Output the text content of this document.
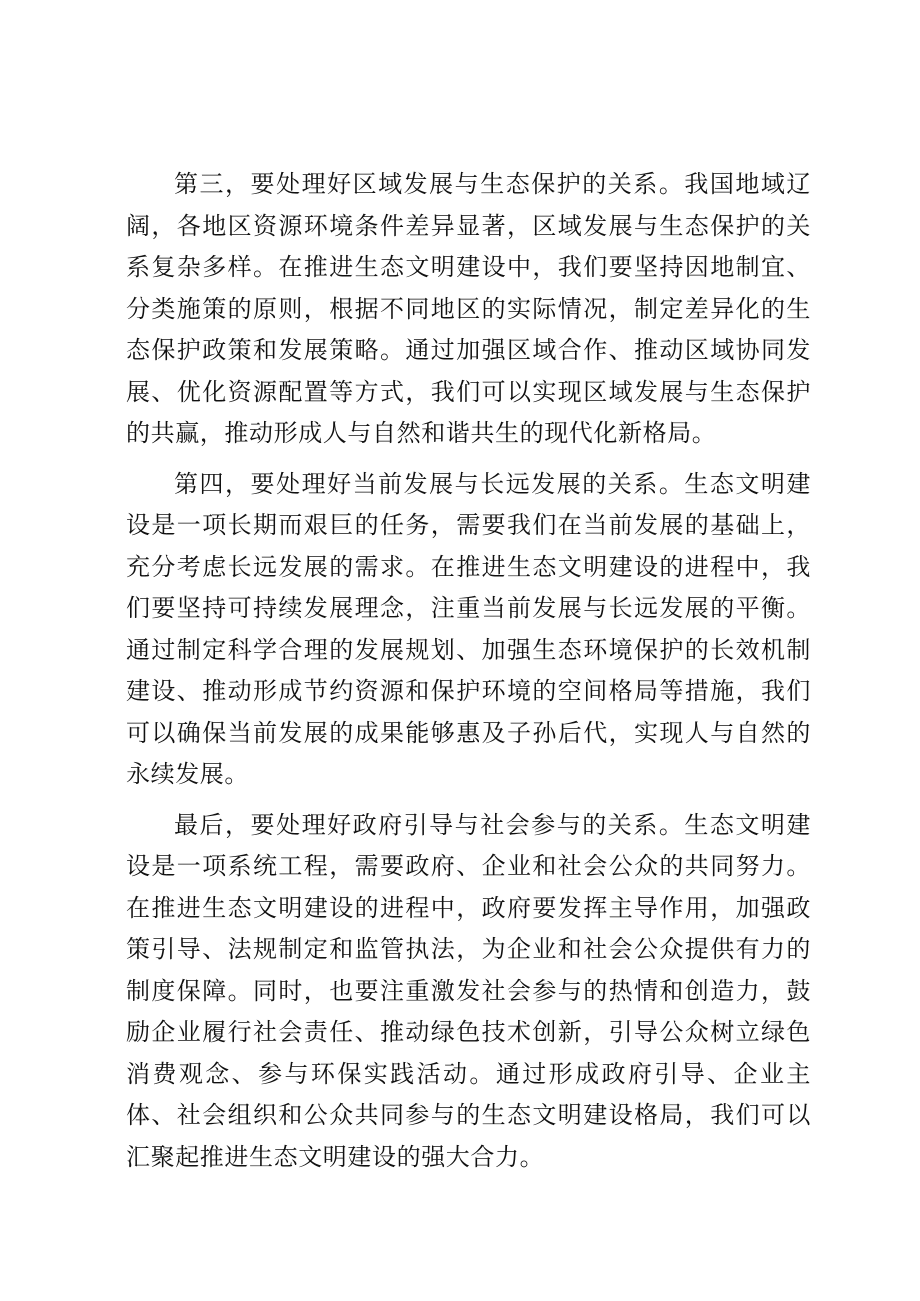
第三，要处理好区域发展与生态保护的关系。我国地域辽阔，各地区资源环境条件差异显著，区域发展与生态保护的关系复杂多样。在推进生态文明建设中，我们要坚持因地制宜、分类施策的原则，根据不同地区的实际情况，制定差异化的生态保护政策和发展策略。通过加强区域合作、推动区域协同发展、优化资源配置等方式，我们可以实现区域发展与生态保护的共赢，推动形成人与自然和谐共生的现代化新格局。

第四，要处理好当前发展与长远发展的关系。生态文明建设是一项长期而艰巨的任务，需要我们在当前发展的基础上，充分考虑长远发展的需求。在推进生态文明建设的进程中，我们要坚持可持续发展理念，注重当前发展与长远发展的平衡。通过制定科学合理的发展规划、加强生态环境保护的长效机制建设、推动形成节约资源和保护环境的空间格局等措施，我们可以确保当前发展的成果能够惠及子孙后代，实现人与自然的永续发展。

最后，要处理好政府引导与社会参与的关系。生态文明建设是一项系统工程，需要政府、企业和社会公众的共同努力。在推进生态文明建设的进程中，政府要发挥主导作用，加强政策引导、法规制定和监管执法，为企业和社会公众提供有力的制度保障。同时，也要注重激发社会参与的热情和创造力，鼓励企业履行社会责任、推动绿色技术创新，引导公众树立绿色消费观念、参与环保实践活动。通过形成政府引导、企业主体、社会组织和公众共同参与的生态文明建设格局，我们可以汇聚起推进生态文明建设的强大合力。
